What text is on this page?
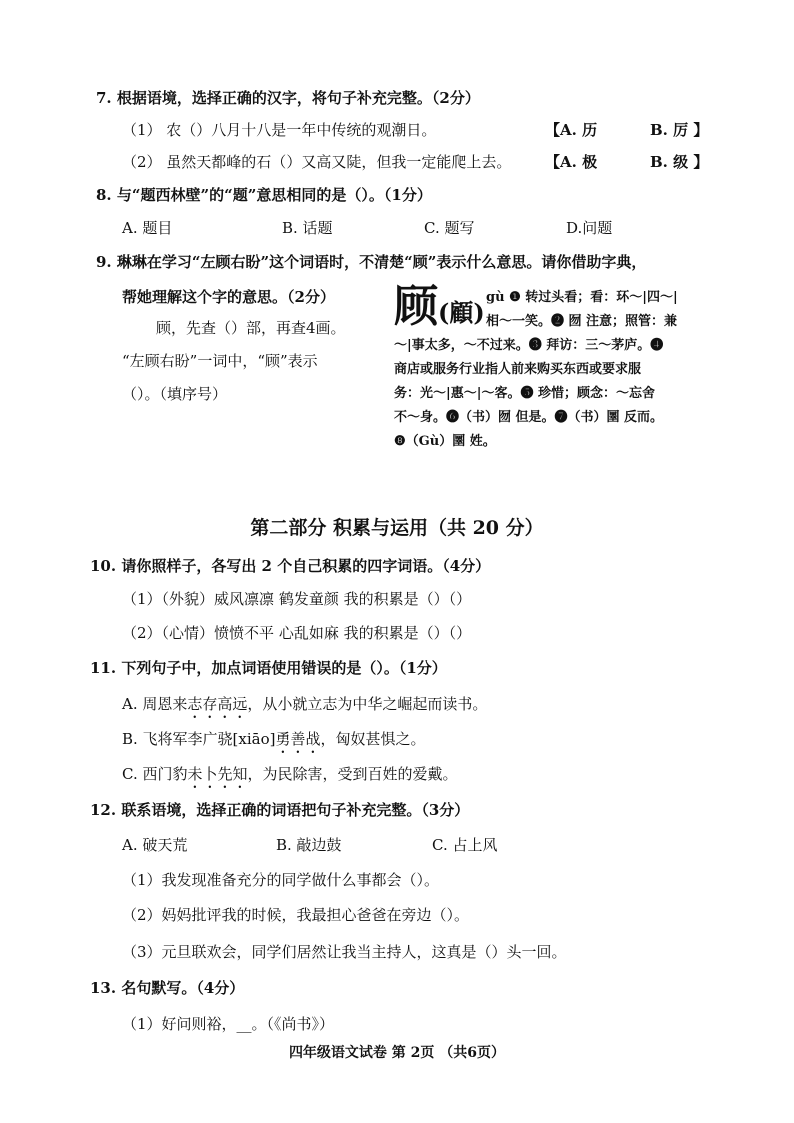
7. 根据语境，选择正确的汉字，将句子补充完整。（2分）
（1） 农（）八月十八是一年中传统的观潮日。	【A. 历	B. 厉 】
（2） 虽然天都峰的石（）又高又陡，但我一定能爬上去。 【A. 极	B. 级 】
8. 与“题西林壁”的“题”意思相同的是（）。（1分）
A. 题目	B. 话题	C. 题写	D.问题
9. 琳琳在学习“左顾右盼”这个词语时，不清楚“顾”表示什么意思。请你借助字典，
帮她理解这个字的意思。（2分）
顾，先查（）部，再查4画。
“左顾右盼”一词中，“顾”表示
（）。（填序号）
顾(顧)
gù ❶ 转过头看；看：环～|四～|
相～一笑。❷ 囫 注意；照管：兼
～|事太多，～不过来。❸ 拜访：三～茅庐。❹
商店或服务行业指人前来购买东西或要求服
务：光～|惠～|～客。❺ 珍惜；顾念：～忘舍
不～身。❻（书）囫 但是。❼（书）圛 反而。
❽（Gù）圛 姓。
第二部分 积累与运用（共 20 分）
10. 请你照样子，各写出 2 个自己积累的四字词语。（4分）
（1）（外貌）威风凛凛 鹤发童颜 我的积累是（）（）
（2）（心情）愤愤不平 心乱如麻 我的积累是（）（）
11. 下列句子中，加点词语使用错误的是（）。（1分）
A. 周恩来志存高远，从小就立志为中华之崛起而读书。
B. 飞将军李广骁[xiāo]勇善战，匈奴甚惧之。
C. 西门豹未卜先知，为民除害，受到百姓的爱戴。
12. 联系语境，选择正确的词语把句子补充完整。（3分）
A. 破天荒	B. 敲边鼓	C. 占上风
（1）我发现准备充分的同学做什么事都会（）。
（2）妈妈批评我的时候，我最担心爸爸在旁边（）。
（3）元旦联欢会，同学们居然让我当主持人，这真是（）头一回。
13. 名句默写。（4分）
（1）好问则裕，__。（《尚书》）
四年级语文试卷 第 2页 （共6页）
